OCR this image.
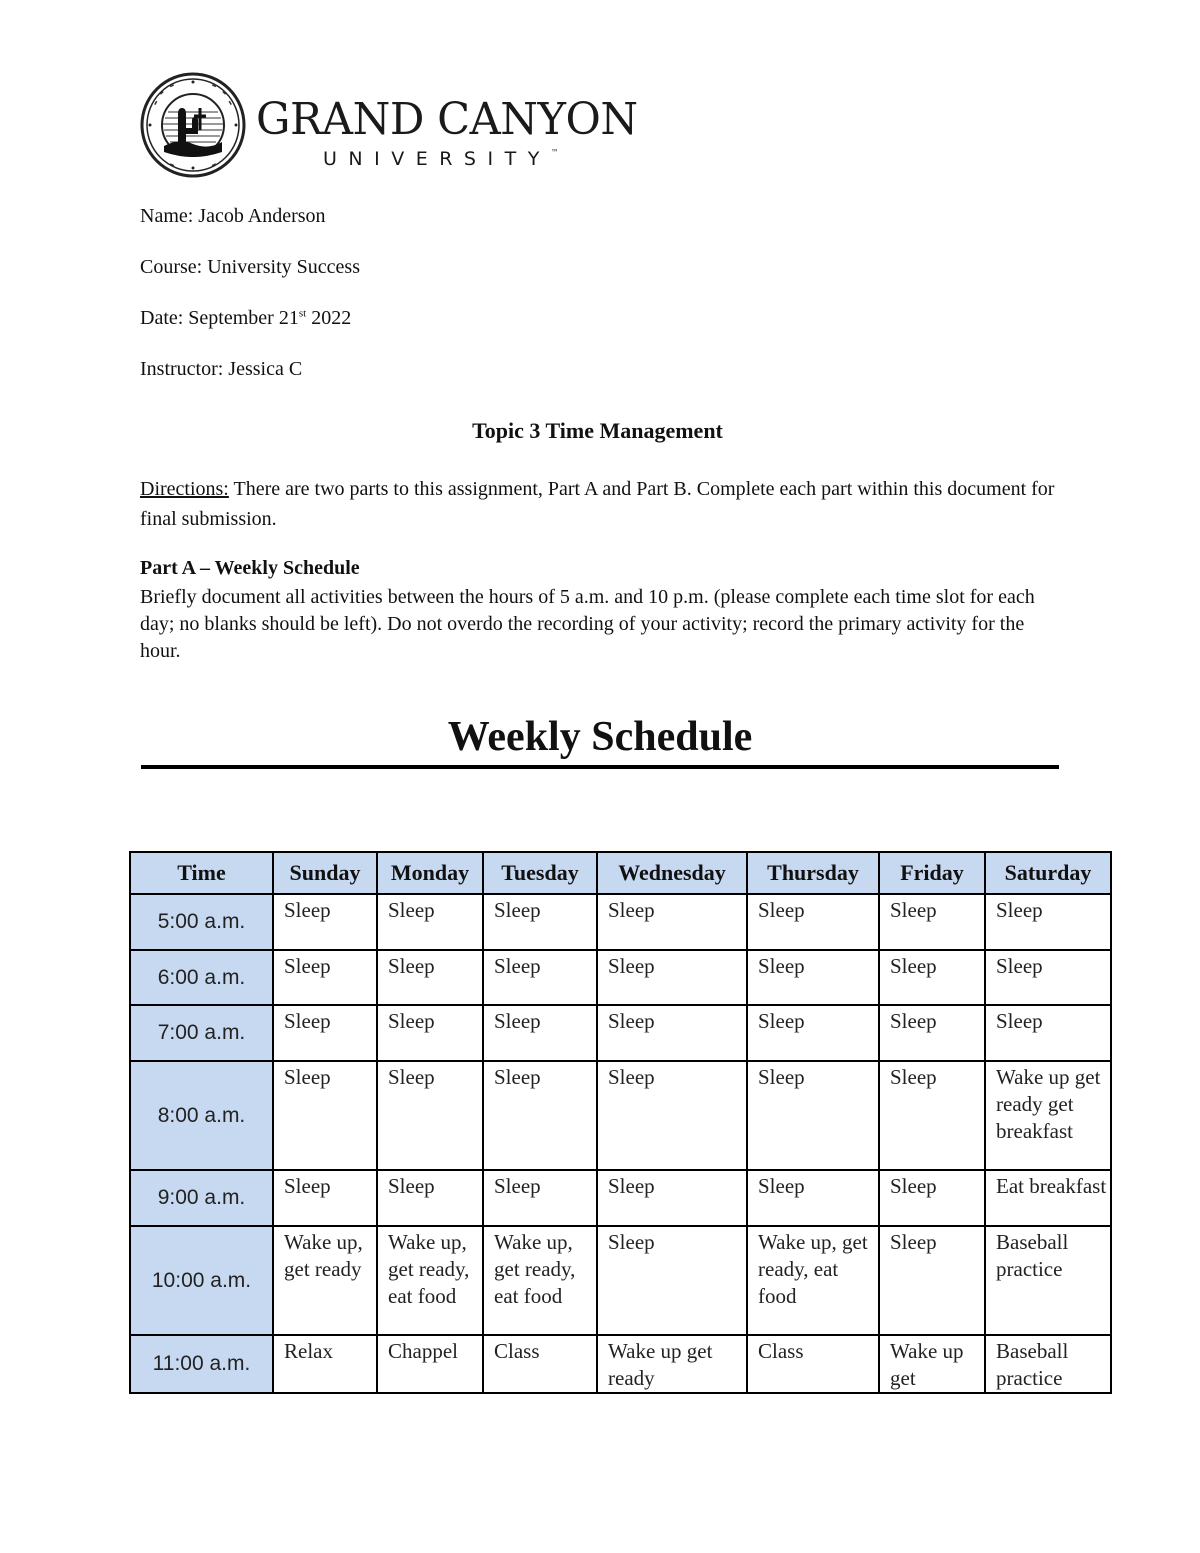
GRAND CANYON
UNIVERSITY™
Name: Jacob Anderson
Course: University Success
Date: September 21st 2022
Instructor: Jessica C
Topic 3 Time Management
Directions: There are two parts to this assignment, Part A and Part B. Complete each part within this document for final submission.
Part A – Weekly Schedule
Briefly document all activities between the hours of 5 a.m. and 10 p.m. (please complete each time slot for each day; no blanks should be left). Do not overdo the recording of your activity; record the primary activity for the hour.
Weekly Schedule
Time	Sunday	Monday	Tuesday	Wednesday	Thursday	Friday	Saturday
5:00 a.m.	Sleep	Sleep	Sleep	Sleep	Sleep	Sleep	Sleep
6:00 a.m.	Sleep	Sleep	Sleep	Sleep	Sleep	Sleep	Sleep
7:00 a.m.	Sleep	Sleep	Sleep	Sleep	Sleep	Sleep	Sleep
8:00 a.m.	Sleep	Sleep	Sleep	Sleep	Sleep	Sleep	Wake up get ready get breakfast
9:00 a.m.	Sleep	Sleep	Sleep	Sleep	Sleep	Sleep	Eat breakfast
10:00 a.m.	Wake up, get ready	Wake up, get ready, eat food	Wake up, get ready, eat food	Sleep	Wake up, get ready, eat food	Sleep	Baseball practice
11:00 a.m.	Relax	Chappel	Class	Wake up get ready	Class	Wake up get	Baseball practice
